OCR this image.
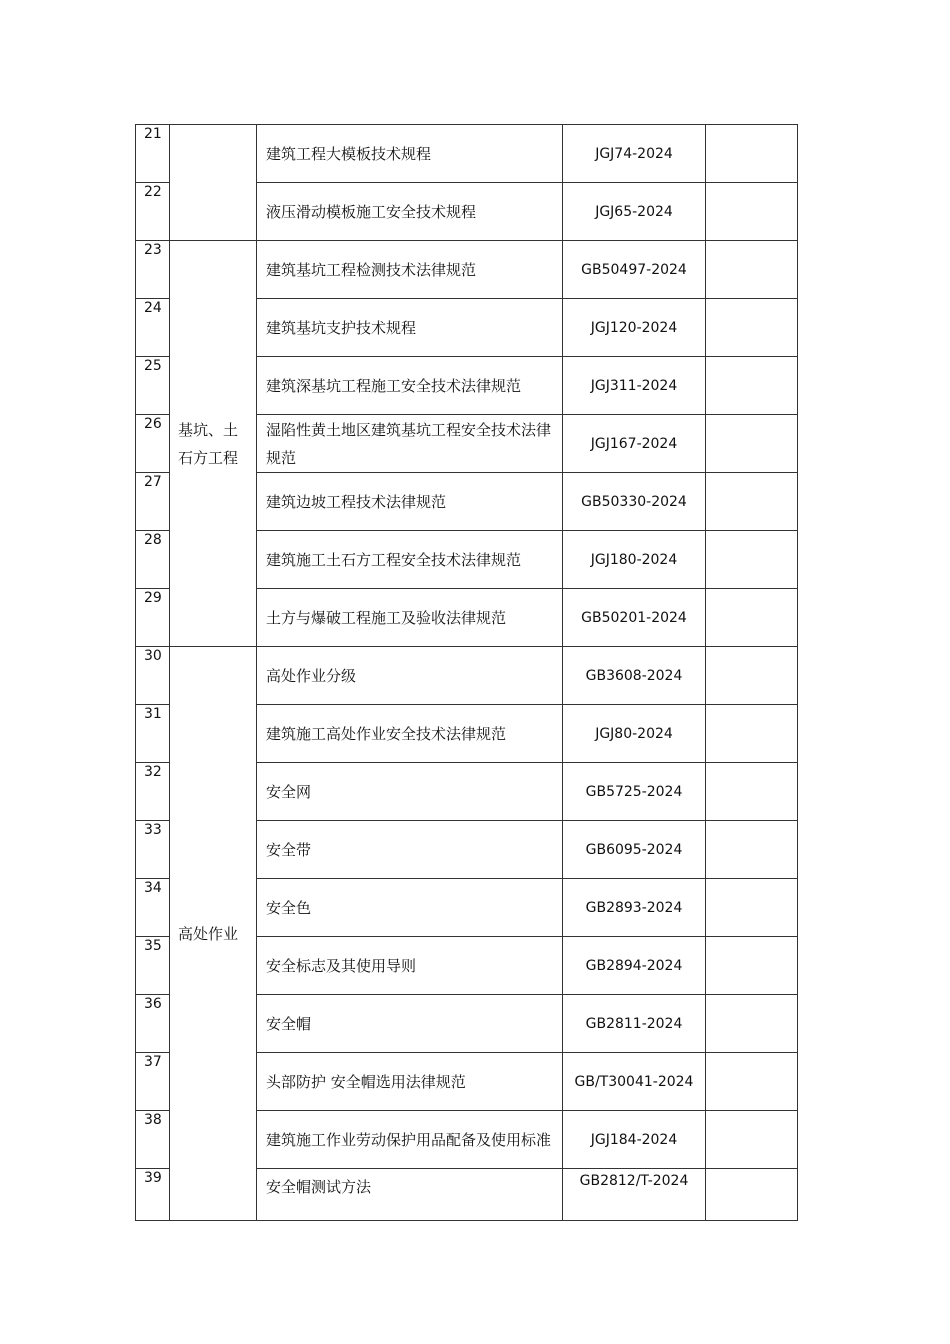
21		建筑工程大模板技术规程	JGJ74-2024	
22		液压滑动模板施工安全技术规程	JGJ65-2024	
23	基坑、土石方工程	建筑基坑工程检测技术法律规范	GB50497-2024	
24		建筑基坑支护技术规程	JGJ120-2024	
25		建筑深基坑工程施工安全技术法律规范	JGJ311-2024	
26		湿陷性黄土地区建筑基坑工程安全技术法律规范	JGJ167-2024	
27		建筑边坡工程技术法律规范	GB50330-2024	
28		建筑施工土石方工程安全技术法律规范	JGJ180-2024	
29		土方与爆破工程施工及验收法律规范	GB50201-2024	
30	高处作业	高处作业分级	GB3608-2024	
31		建筑施工高处作业安全技术法律规范	JGJ80-2024	
32		安全网	GB5725-2024	
33		安全带	GB6095-2024	
34		安全色	GB2893-2024	
35		安全标志及其使用导则	GB2894-2024	
36		安全帽	GB2811-2024	
37		头部防护 安全帽选用法律规范	GB/T30041-2024	
38		建筑施工作业劳动保护用品配备及使用标准	JGJ184-2024	
39		安全帽测试方法	GB2812/T-2024	
